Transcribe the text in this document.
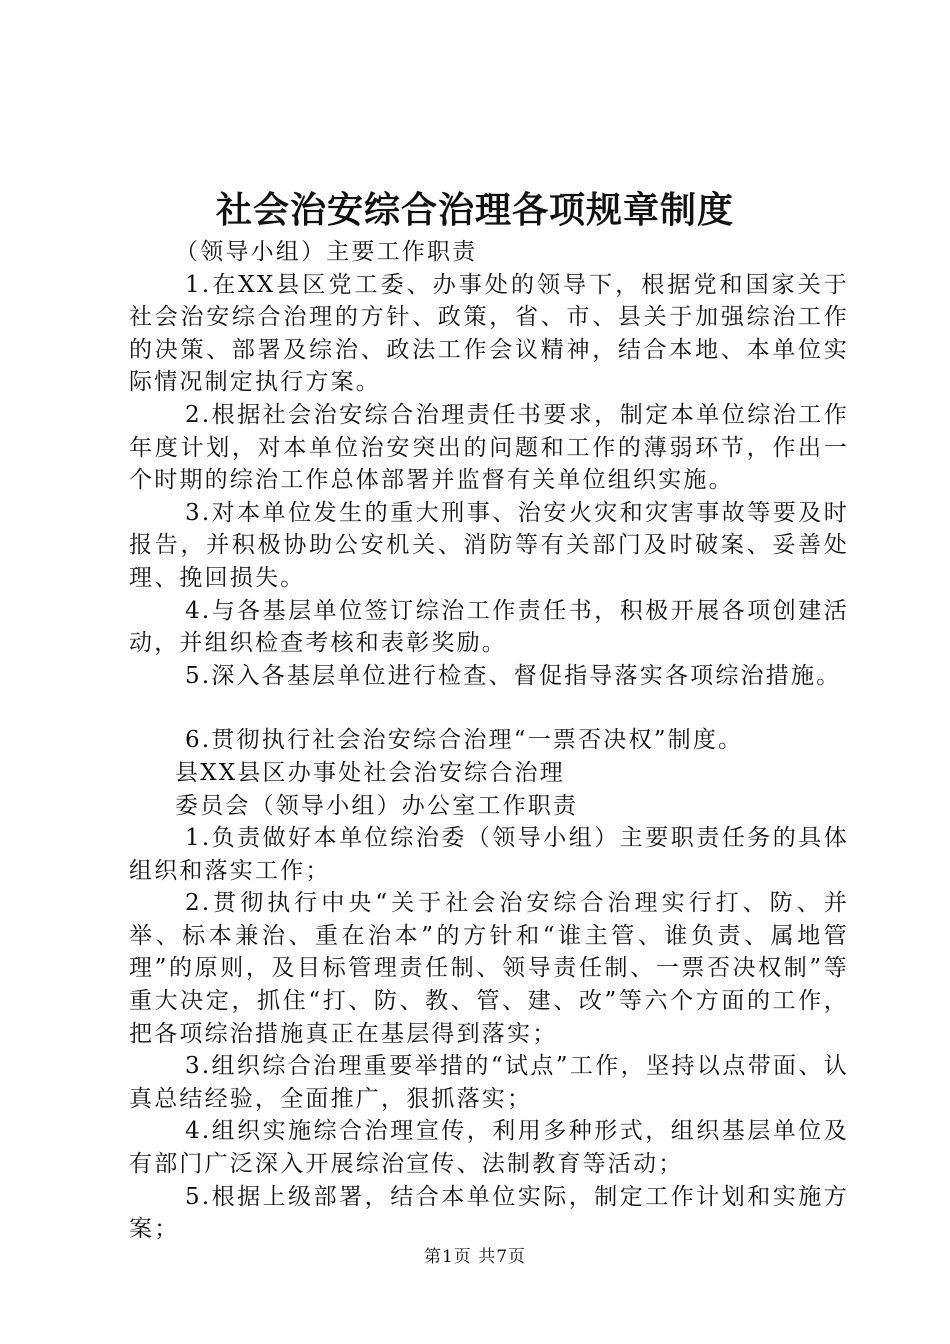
社会治安综合治理各项规章制度

（领导小组）主要工作职责

1.在XX县区党工委、办事处的领导下，根据党和国家关于社会治安综合治理的方针、政策，省、市、县关于加强综治工作的决策、部署及综治、政法工作会议精神，结合本地、本单位实际情况制定执行方案。

2.根据社会治安综合治理责任书要求，制定本单位综治工作年度计划，对本单位治安突出的问题和工作的薄弱环节，作出一个时期的综治工作总体部署并监督有关单位组织实施。

3.对本单位发生的重大刑事、治安火灾和灾害事故等要及时报告，并积极协助公安机关、消防等有关部门及时破案、妥善处理、挽回损失。

4.与各基层单位签订综治工作责任书，积极开展各项创建活动，并组织检查考核和表彰奖励。

5.深入各基层单位进行检查、督促指导落实各项综治措施。

6.贯彻执行社会治安综合治理“一票否决权”制度。

县XX县区办事处社会治安综合治理

委员会（领导小组）办公室工作职责

1.负责做好本单位综治委（领导小组）主要职责任务的具体组织和落实工作；

2.贯彻执行中央“关于社会治安综合治理实行打、防、并举、标本兼治、重在治本”的方针和“谁主管、谁负责、属地管理”的原则，及目标管理责任制、领导责任制、一票否决权制”等重大决定，抓住“打、防、教、管、建、改”等六个方面的工作，把各项综治措施真正在基层得到落实；

3.组织综合治理重要举措的“试点”工作，坚持以点带面、认真总结经验，全面推广，狠抓落实；

4.组织实施综合治理宣传，利用多种形式，组织基层单位及有部门广泛深入开展综治宣传、法制教育等活动；

5.根据上级部署，结合本单位实际，制定工作计划和实施方案；

第1页 共7页
